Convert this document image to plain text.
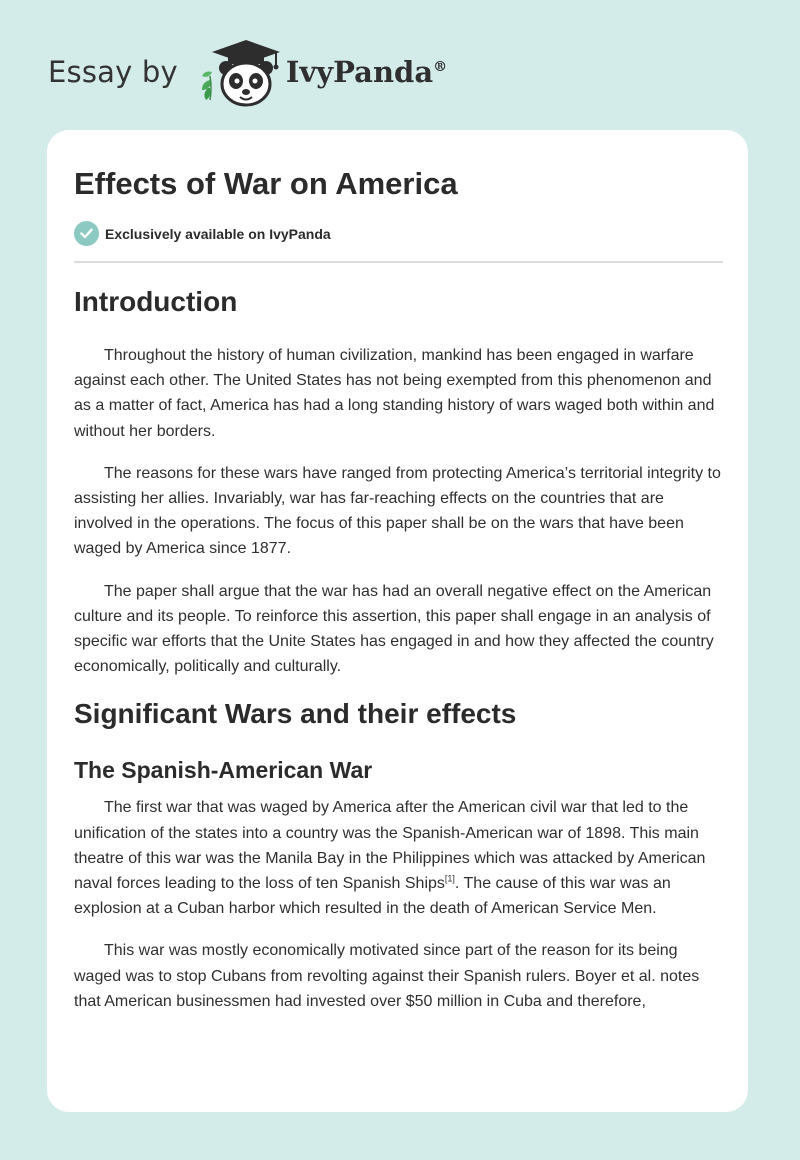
Essay by	IvyPanda®
Effects of War on America
Exclusively available on IvyPanda
Introduction

Throughout the history of human civilization, mankind has been engaged in warfare against each other. The United States has not being exempted from this phenomenon and as a matter of fact, America has had a long standing history of wars waged both within and without her borders.

The reasons for these wars have ranged from protecting America’s territorial integrity to assisting her allies. Invariably, war has far-reaching effects on the countries that are involved in the operations. The focus of this paper shall be on the wars that have been waged by America since 1877.

The paper shall argue that the war has had an overall negative effect on the American culture and its people. To reinforce this assertion, this paper shall engage in an analysis of specific war efforts that the Unite States has engaged in and how they affected the country economically, politically and culturally.

Significant Wars and their effects
The Spanish-American War

The first war that was waged by America after the American civil war that led to the unification of the states into a country was the Spanish-American war of 1898. This main theatre of this war was the Manila Bay in the Philippines which was attacked by American naval forces leading to the loss of ten Spanish Ships[1]. The cause of this war was an explosion at a Cuban harbor which resulted in the death of American Service Men.

This war was mostly economically motivated since part of the reason for its being waged was to stop Cubans from revolting against their Spanish rulers. Boyer et al. notes that American businessmen had invested over $50 million in Cuba and therefore,
